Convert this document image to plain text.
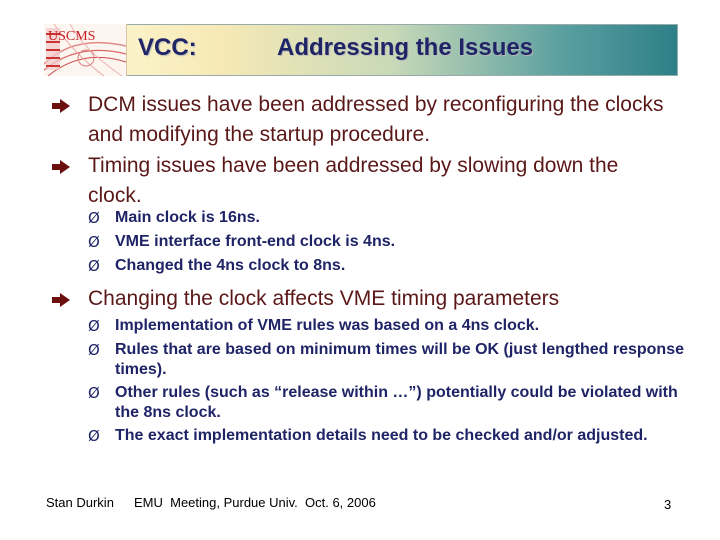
USCMS VCC:	Addressing the Issues
DCM issues have been addressed by reconfiguring the clocks and modifying the startup procedure.
Timing issues have been addressed by slowing down the clock.
Ø Main clock is 16ns.
Ø VME interface front-end clock is 4ns.
Ø Changed the 4ns clock to 8ns.
Changing the clock affects VME timing parameters
Ø Implementation of VME rules was based on a 4ns clock.
Ø Rules that are based on minimum times will be OK (just lengthed response times).
Ø Other rules (such as “release within …”) potentially could be violated with the 8ns clock.
Ø The exact implementation details need to be checked and/or adjusted.
Stan Durkin EMU  Meeting, Purdue Univ.  Oct. 6, 2006	3
